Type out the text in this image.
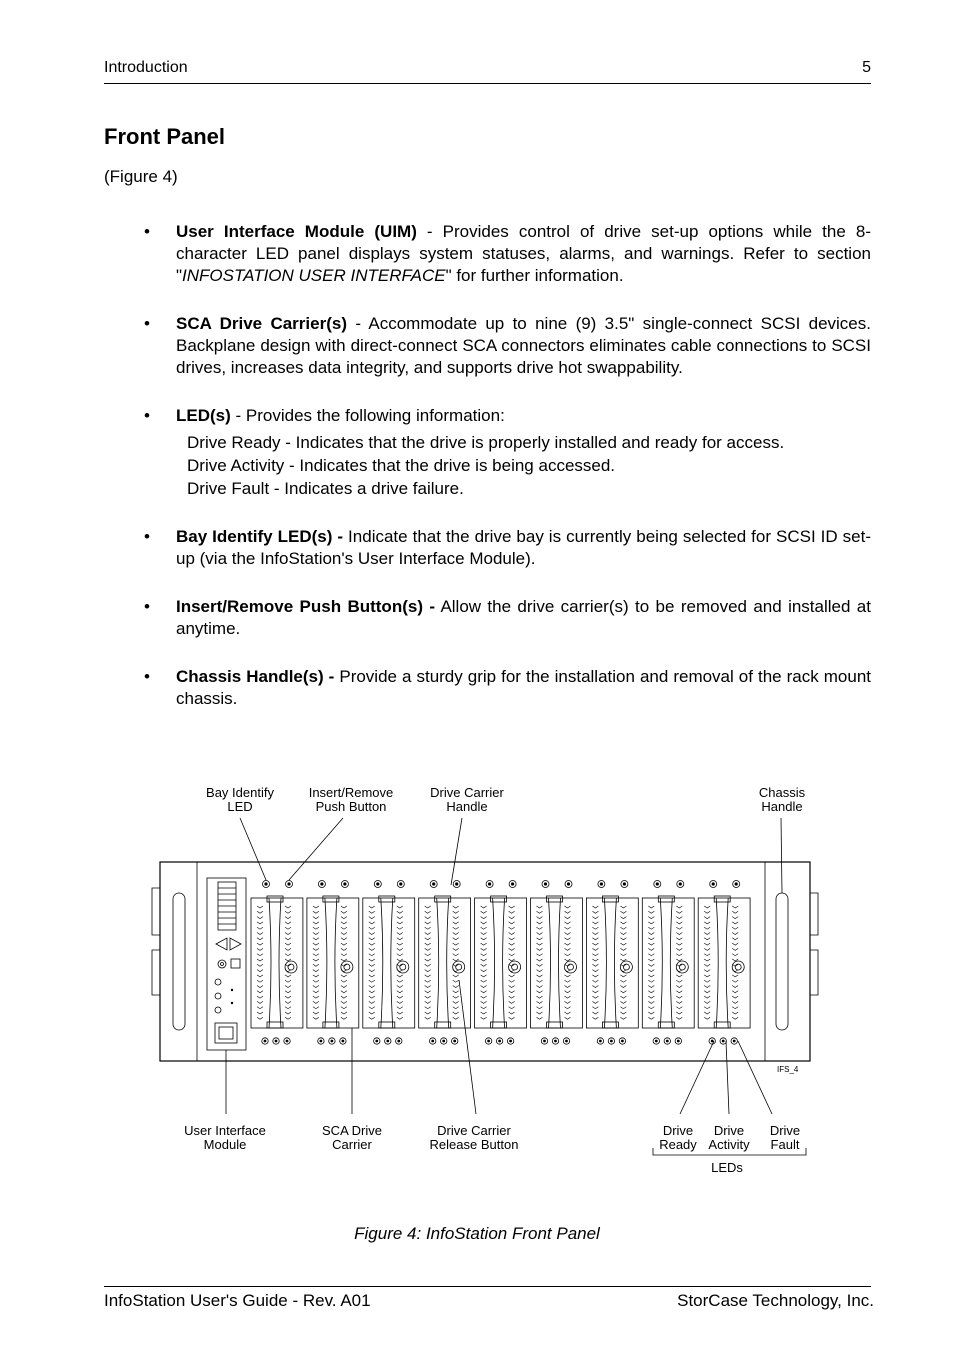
Introduction	5
Front Panel
(Figure 4)
• User Interface Module (UIM) - Provides control of drive set-up options while the 8-character LED panel displays system statuses, alarms, and warnings. Refer to section "INFOSTATION USER INTERFACE" for further information.
• SCA Drive Carrier(s) - Accommodate up to nine (9) 3.5" single-connect SCSI devices. Backplane design with direct-connect SCA connectors eliminates cable connections to SCSI drives, increases data integrity, and supports drive hot swappability.
• LED(s) - Provides the following information:
Drive Ready - Indicates that the drive is properly installed and ready for access.
Drive Activity - Indicates that the drive is being accessed.
Drive Fault - Indicates a drive failure.
• Bay Identify LED(s) - Indicate that the drive bay is currently being selected for SCSI ID set-up (via the InfoStation's User Interface Module).
• Insert/Remove Push Button(s) - Allow the drive carrier(s) to be removed and installed at anytime.
• Chassis Handle(s) - Provide a sturdy grip for the installation and removal of the rack mount chassis.
Bay Identify LED
Insert/Remove Push Button
Drive Carrier Handle
Chassis Handle
IFS_4
User Interface Module
SCA Drive Carrier
Drive Carrier Release Button
Drive Ready
Drive Activity
Drive Fault
LEDs
Figure 4: InfoStation Front Panel
InfoStation User's Guide - Rev. A01	StorCase Technology, Inc.
